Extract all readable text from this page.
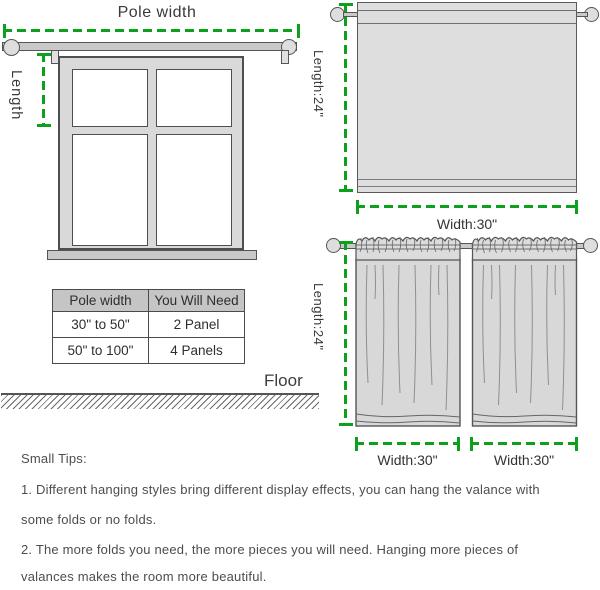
Pole width
Length
Pole width	You Will Need
30" to 50"	2 Panel
50" to 100"	4 Panels
Floor
Length:24"
Width:30"
Length:24"
Width:30"	Width:30"
Small Tips:
1. Different hanging styles bring different display effects, you can hang the valance with
some folds or no folds.
2. The more folds you need, the more pieces you will need. Hanging more pieces of
valances makes the room more beautiful.
